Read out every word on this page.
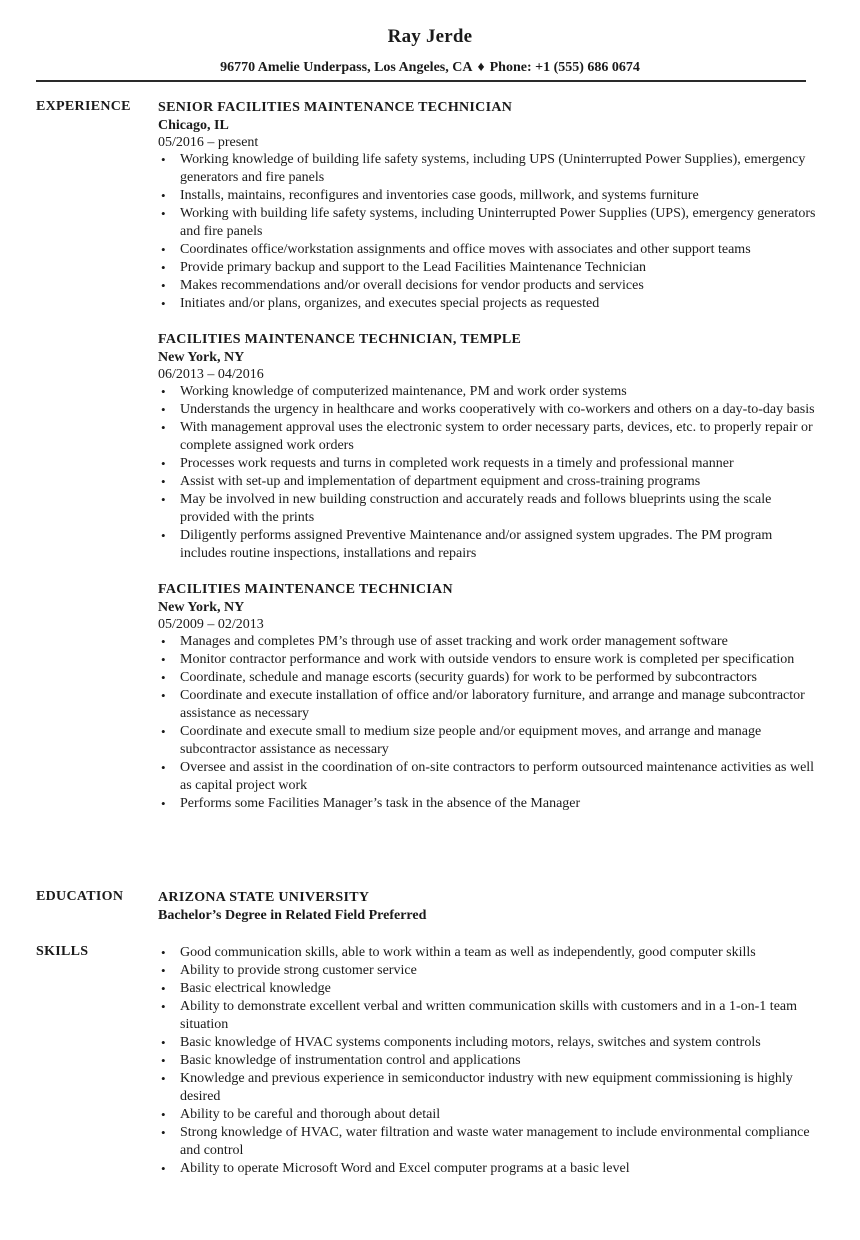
Ray Jerde
96770 Amelie Underpass, Los Angeles, CA ♦ Phone: +1 (555) 686 0674
EXPERIENCE SENIOR FACILITIES MAINTENANCE TECHNICIAN
Chicago, IL
05/2016 – present
• Working knowledge of building life safety systems, including UPS (Uninterrupted Power Supplies), emergency generators and fire panels
• Installs, maintains, reconfigures and inventories case goods, millwork, and systems furniture
• Working with building life safety systems, including Uninterrupted Power Supplies (UPS), emergency generators and fire panels
• Coordinates office/workstation assignments and office moves with associates and other support teams
• Provide primary backup and support to the Lead Facilities Maintenance Technician
• Makes recommendations and/or overall decisions for vendor products and services
• Initiates and/or plans, organizes, and executes special projects as requested
FACILITIES MAINTENANCE TECHNICIAN, TEMPLE
New York, NY
06/2013 – 04/2016
• Working knowledge of computerized maintenance, PM and work order systems
• Understands the urgency in healthcare and works cooperatively with co-workers and others on a day-to-day basis
• With management approval uses the electronic system to order necessary parts, devices, etc. to properly repair or complete assigned work orders
• Processes work requests and turns in completed work requests in a timely and professional manner
• Assist with set-up and implementation of department equipment and cross-training programs
• May be involved in new building construction and accurately reads and follows blueprints using the scale provided with the prints
• Diligently performs assigned Preventive Maintenance and/or assigned system upgrades. The PM program includes routine inspections, installations and repairs
FACILITIES MAINTENANCE TECHNICIAN
New York, NY
05/2009 – 02/2013
• Manages and completes PM’s through use of asset tracking and work order management software
• Monitor contractor performance and work with outside vendors to ensure work is completed per specification
• Coordinate, schedule and manage escorts (security guards) for work to be performed by subcontractors
• Coordinate and execute installation of office and/or laboratory furniture, and arrange and manage subcontractor assistance as necessary
• Coordinate and execute small to medium size people and/or equipment moves, and arrange and manage subcontractor assistance as necessary
• Oversee and assist in the coordination of on-site contractors to perform outsourced maintenance activities as well as capital project work
• Performs some Facilities Manager’s task in the absence of the Manager
EDUCATION ARIZONA STATE UNIVERSITY
Bachelor’s Degree in Related Field Preferred
SKILLS
•	Good communication skills, able to work within a team as well as independently, good computer skills
• Ability to provide strong customer service
• Basic electrical knowledge
• Ability to demonstrate excellent verbal and written communication skills with customers and in a 1-on-1 team situation
• Basic knowledge of HVAC systems components including motors, relays, switches and system controls
• Basic knowledge of instrumentation control and applications
• Knowledge and previous experience in semiconductor industry with new equipment commissioning is highly desired
• Ability to be careful and thorough about detail
• Strong knowledge of HVAC, water filtration and waste water management to include environmental compliance and control
• Ability to operate Microsoft Word and Excel computer programs at a basic level
